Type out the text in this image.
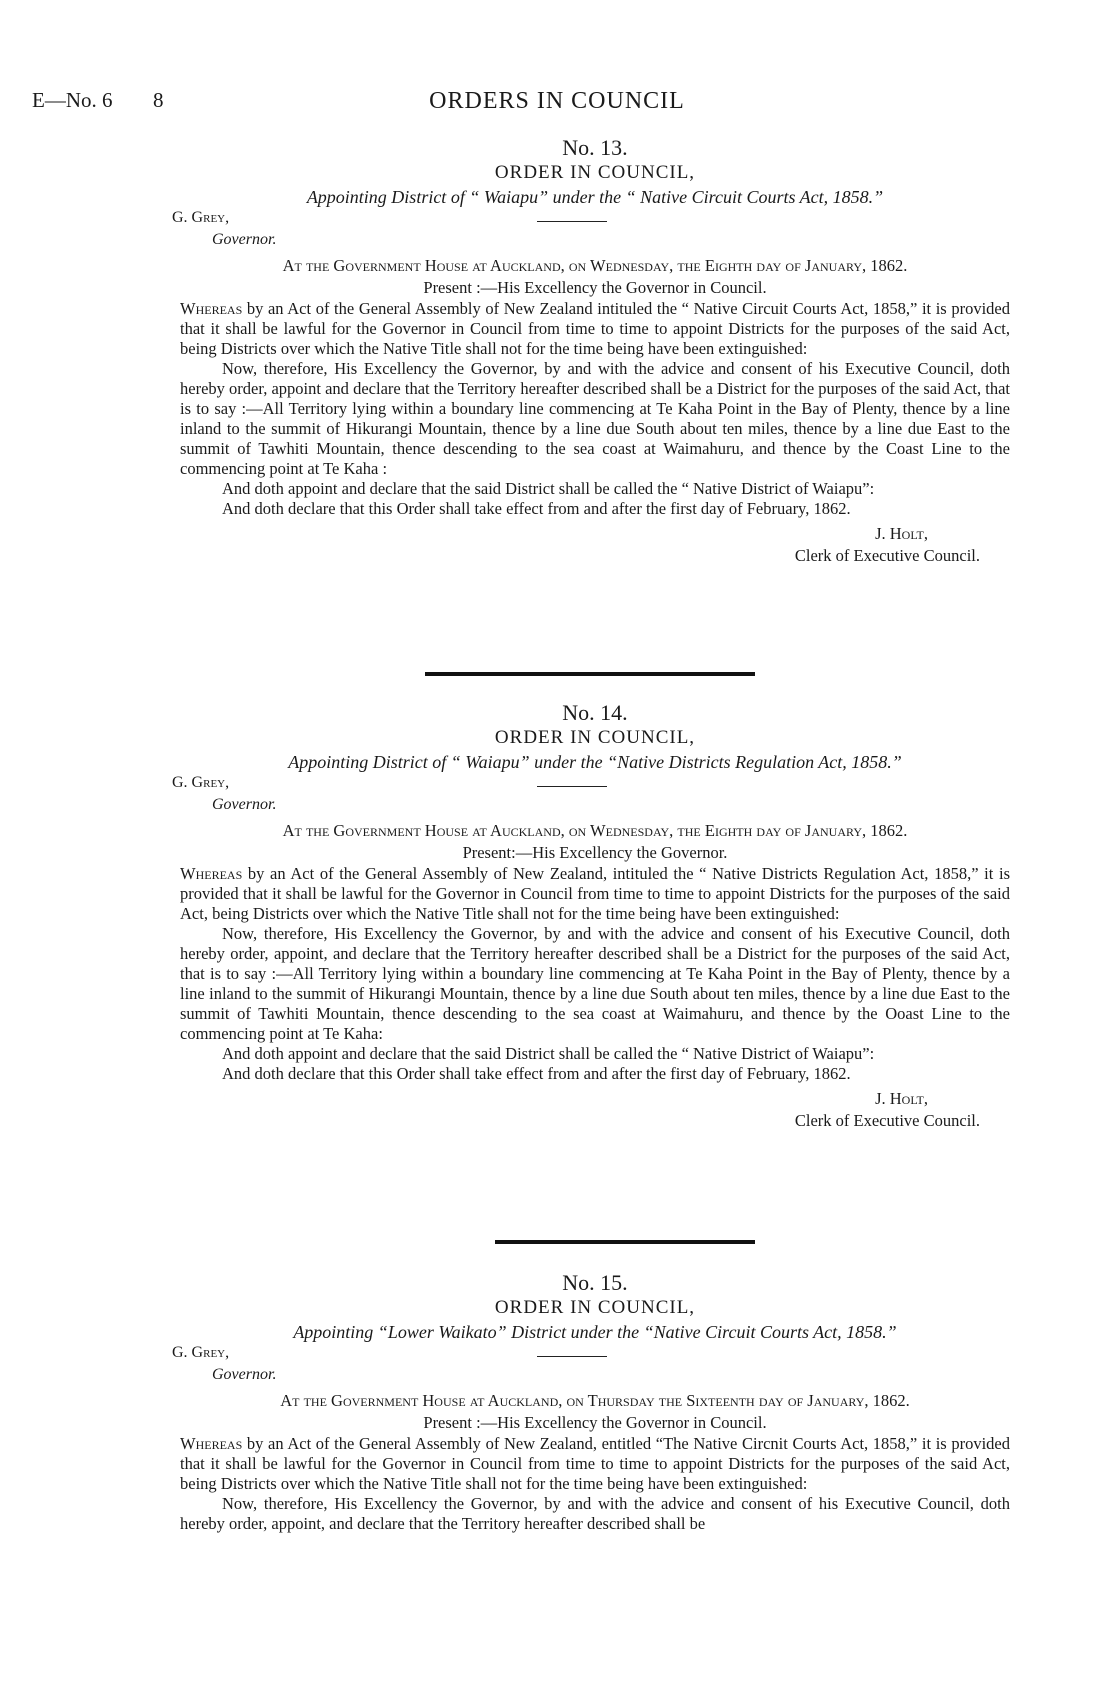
E—No. 6 8	ORDERS IN COUNCIL
No. 13.
ORDER IN COUNCIL,
Appointing District of “ Waiapu” under the “ Native Circuit Courts Act, 1858.”
G. Grey,
Governor.
At the Government House at Auckland, on Wednesday, the Eighth day of January, 1862.
Present :—His Excellency the Governor in Council.

Whereas by an Act of the General Assembly of New Zealand intituled the “ Native Circuit Courts Act, 1858,” it is provided that it shall be lawful for the Governor in Council from time to time to appoint Districts for the purposes of the said Act, being Districts over which the Native Title shall not for the time being have been extinguished:

Now, therefore, His Excellency the Governor, by and with the advice and consent of his Executive Council, doth hereby order, appoint and declare that the Territory hereafter described shall be a District for the purposes of the said Act, that is to say :—All Territory lying within a boundary line commencing at Te Kaha Point in the Bay of Plenty, thence by a line inland to the summit of Hikurangi Mountain, thence by a line due South about ten miles, thence by a line due East to the summit of Tawhiti Mountain, thence descending to the sea coast at Waimahuru, and thence by the Coast Line to the commencing point at Te Kaha :

And doth appoint and declare that the said District shall be called the “ Native District of Waiapu”:

And doth declare that this Order shall take effect from and after the first day of February, 1862.

J. Holt,
Clerk of Executive Council.
No. 14.
ORDER IN COUNCIL,
Appointing District of “ Waiapu” under the “Native Districts Regulation Act, 1858.”
G. Grey,
Governor.
At the Government House at Auckland, on Wednesday, the Eighth day of January, 1862.
Present:—His Excellency the Governor.

Whereas by an Act of the General Assembly of New Zealand, intituled the “ Native Districts Regulation Act, 1858,” it is provided that it shall be lawful for the Governor in Council from time to time to appoint Districts for the purposes of the said Act, being Districts over which the Native Title shall not for the time being have been extinguished:

Now, therefore, His Excellency the Governor, by and with the advice and consent of his Executive Council, doth hereby order, appoint, and declare that the Territory hereafter described shall be a District for the purposes of the said Act, that is to say :—All Territory lying within a boundary line commencing at Te Kaha Point in the Bay of Plenty, thence by a line inland to the summit of Hikurangi Mountain, thence by a line due South about ten miles, thence by a line due East to the summit of Tawhiti Mountain, thence descending to the sea coast at Waimahuru, and thence by the Ooast Line to the commencing point at Te Kaha:

And doth appoint and declare that the said District shall be called the “ Native District of Waiapu”:

And doth declare that this Order shall take effect from and after the first day of February, 1862.

J. Holt,
Clerk of Executive Council.
No. 15.
ORDER IN COUNCIL,
Appointing “Lower Waikato” District under the “Native Circuit Courts Act, 1858.”
G. Grey,
Governor.
At the Government House at Auckland, on Thursday the Sixteenth day of January, 1862.
Present :—His Excellency the Governor in Council.

Whereas by an Act of the General Assembly of New Zealand, entitled “The Native Circnit Courts Act, 1858,” it is provided that it shall be lawful for the Governor in Council from time to time to appoint Districts for the purposes of the said Act, being Districts over which the Native Title shall not for the time being have been extinguished:

Now, therefore, His Excellency the Governor, by and with the advice and consent of his Executive Council, doth hereby order, appoint, and declare that the Territory hereafter described shall be
